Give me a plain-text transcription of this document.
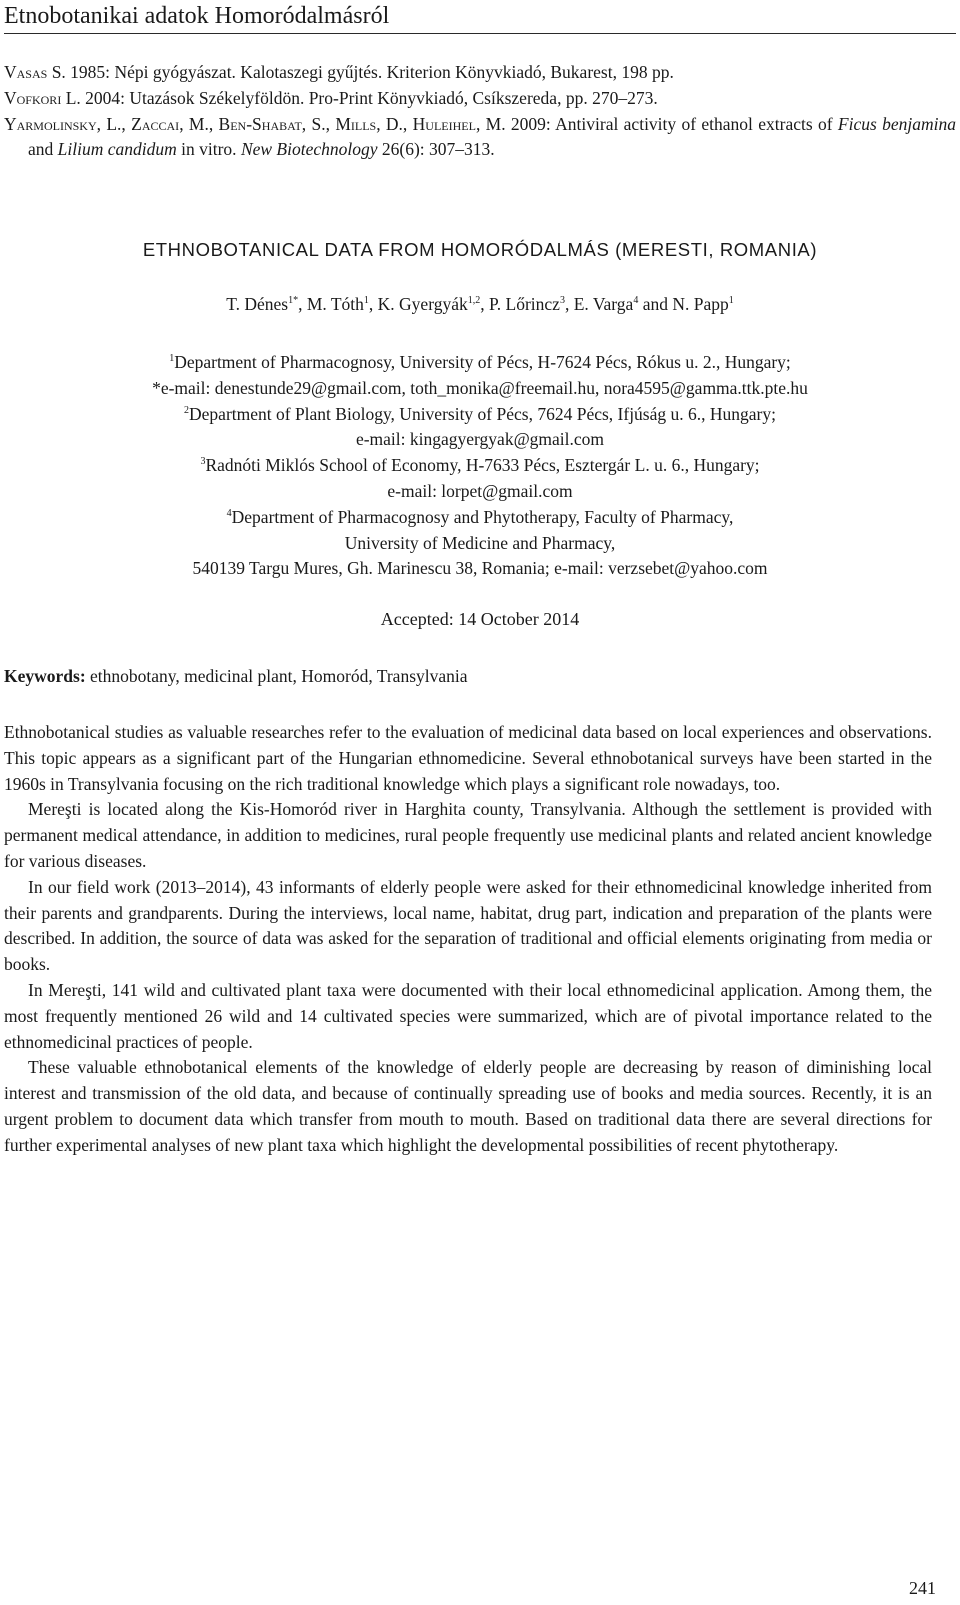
Etnobotanikai adatok Homoródalmásról
Vasas S. 1985: Népi gyógyászat. Kalotaszegi gyűjtés. Kriterion Könyvkiadó, Bukarest, 198 pp.
Vofkori L. 2004: Utazások Székelyföldön. Pro-Print Könyvkiadó, Csíkszereda, pp. 270–273.
Yarmolinsky, L., Zaccai, M., Ben-Shabat, S., Mills, D., Huleihel, M. 2009: Antiviral activity of ethanol extracts of Ficus benjamina and Lilium candidum in vitro. New Biotechnology 26(6): 307–313.
ETHNOBOTANICAL DATA FROM HOMORÓDALMÁS (MERESTI, ROMANIA)
T. Dénes$^{1*}$, M. Tóth$^1$, K. Gyergyák$^{1,2}$, P. Lőrincz$^3$, E. Varga$^4$ and N. Papp$^1$
$^1$Department of Pharmacognosy, University of Pécs, H-7624 Pécs, Rókus u. 2., Hungary;
*e-mail: denestunde29@gmail.com, toth_monika@freemail.hu, nora4595@gamma.ttk.pte.hu
$^2$Department of Plant Biology, University of Pécs, 7624 Pécs, Ifjúság u. 6., Hungary;
e-mail: kingagyergyak@gmail.com
$^3$Radnóti Miklós School of Economy, H-7633 Pécs, Esztergár L. u. 6., Hungary;
e-mail: lorpet@gmail.com
$^4$Department of Pharmacognosy and Phytotherapy, Faculty of Pharmacy,
University of Medicine and Pharmacy,
540139 Targu Mures, Gh. Marinescu 38, Romania; e-mail: verzsebet@yahoo.com
Accepted: 14 October 2014
Keywords: ethnobotany, medicinal plant, Homoród, Transylvania

Ethnobotanical studies as valuable researches refer to the evaluation of medicinal data based on local experiences and observations. This topic appears as a significant part of the Hungarian ethnomedicine. Several ethnobotanical surveys have been started in the 1960s in Transylvania focusing on the rich traditional knowledge which plays a significant role nowadays, too.

Mereşti is located along the Kis-Homoród river in Harghita county, Transylvania. Although the settlement is provided with permanent medical attendance, in addition to medicines, rural people frequently use medicinal plants and related ancient knowledge for various diseases.

In our field work (2013–2014), 43 informants of elderly people were asked for their ethnomedicinal knowledge inherited from their parents and grandparents. During the interviews, local name, habitat, drug part, indication and preparation of the plants were described. In addition, the source of data was asked for the separation of traditional and official elements originating from media or books.

In Mereşti, 141 wild and cultivated plant taxa were documented with their local ethnomedicinal application. Among them, the most frequently mentioned 26 wild and 14 cultivated species were summarized, which are of pivotal importance related to the ethnomedicinal practices of people.

These valuable ethnobotanical elements of the knowledge of elderly people are decreasing by reason of diminishing local interest and transmission of the old data, and because of continually spreading use of books and media sources. Recently, it is an urgent problem to document data which transfer from mouth to mouth. Based on traditional data there are several directions for further experimental analyses of new plant taxa which highlight the developmental possibilities of recent phytotherapy.

241
